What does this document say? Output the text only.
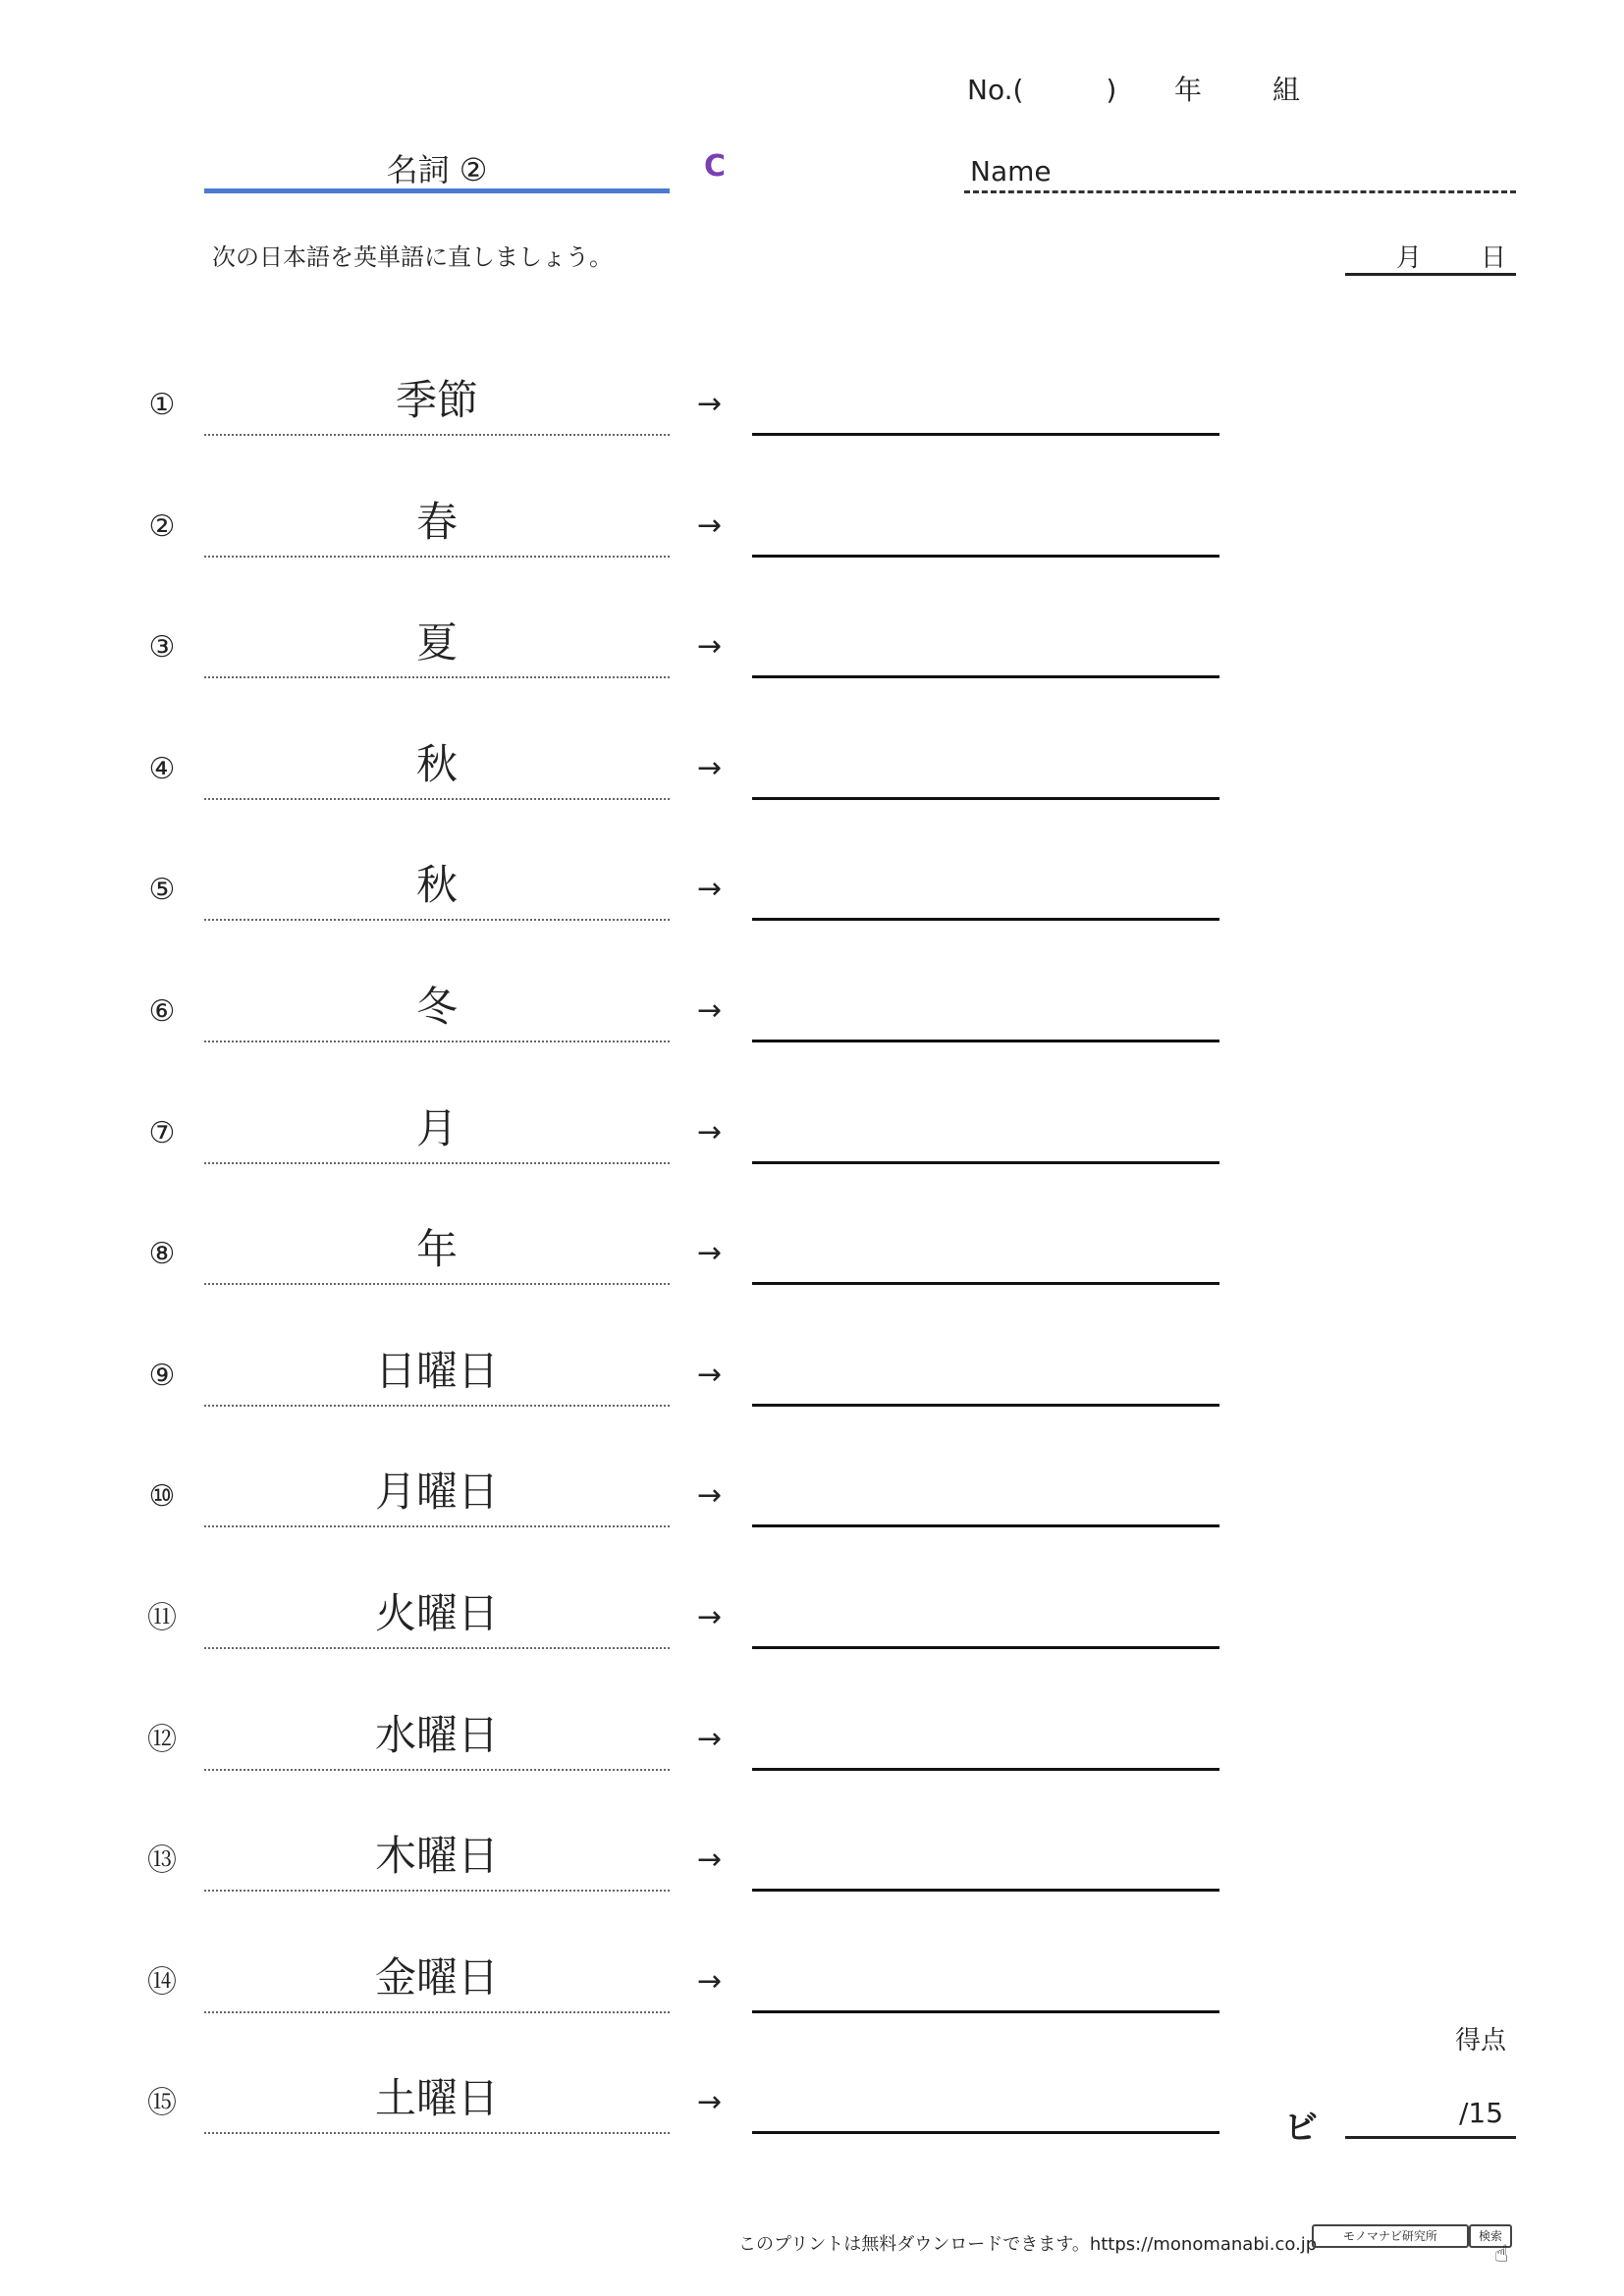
No.(　　　) 年	組
名詞 ②	C	Name
次の日本語を英単語に直しましょう。	月 日
①	季節	→
②	春	→
③	夏	→
④	秋	→
⑤	秋	→
⑥	冬	→
⑦	月	→
⑧	年	→
⑨	日曜日	→
⑩	月曜日	→
⑪	火曜日	→
⑫	水曜日	→
⑬	木曜日	→
⑭	金曜日	→
⑮	土曜日	→
得点
ビ	/15
このプリントは無料ダウンロードできます。https://monomanabi.co.jp	モノマナビ研究所	検索
☝
